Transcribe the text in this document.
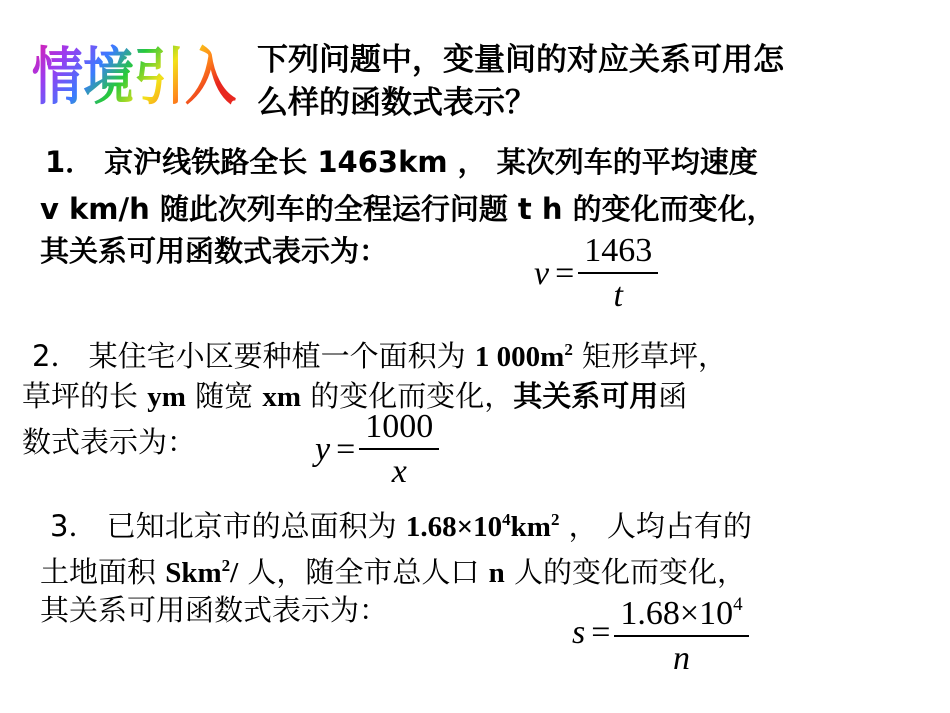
情境引入 下列问题中，变量间的对应关系可用怎
么样的函数式表示？
1． 京沪线铁路全长 1463km ， 某次列车的平均速度
v km/h 随此次列车的全程运行问题 t h 的变化而变化，
其关系可用函数式表示为：
$v = \frac{1463}{t}$
2． 某住宅小区要种植一个面积为 1 $000m^2$ 矩形草坪，
草坪的长 ym 随宽 xm 的变化而变化，其关系可用函
数式表示为：	$y = \frac{1000}{x}$
3． 已知北京市的总面积为 $1.68\times 10^4km^2$ ， 人均占有的
土地面积 Skm$^2$/ 人，随全市总人口 n 人的变化而变化，
其关系可用函数式表示为：
$s = \frac{1.68\times 10^4}{n}$
